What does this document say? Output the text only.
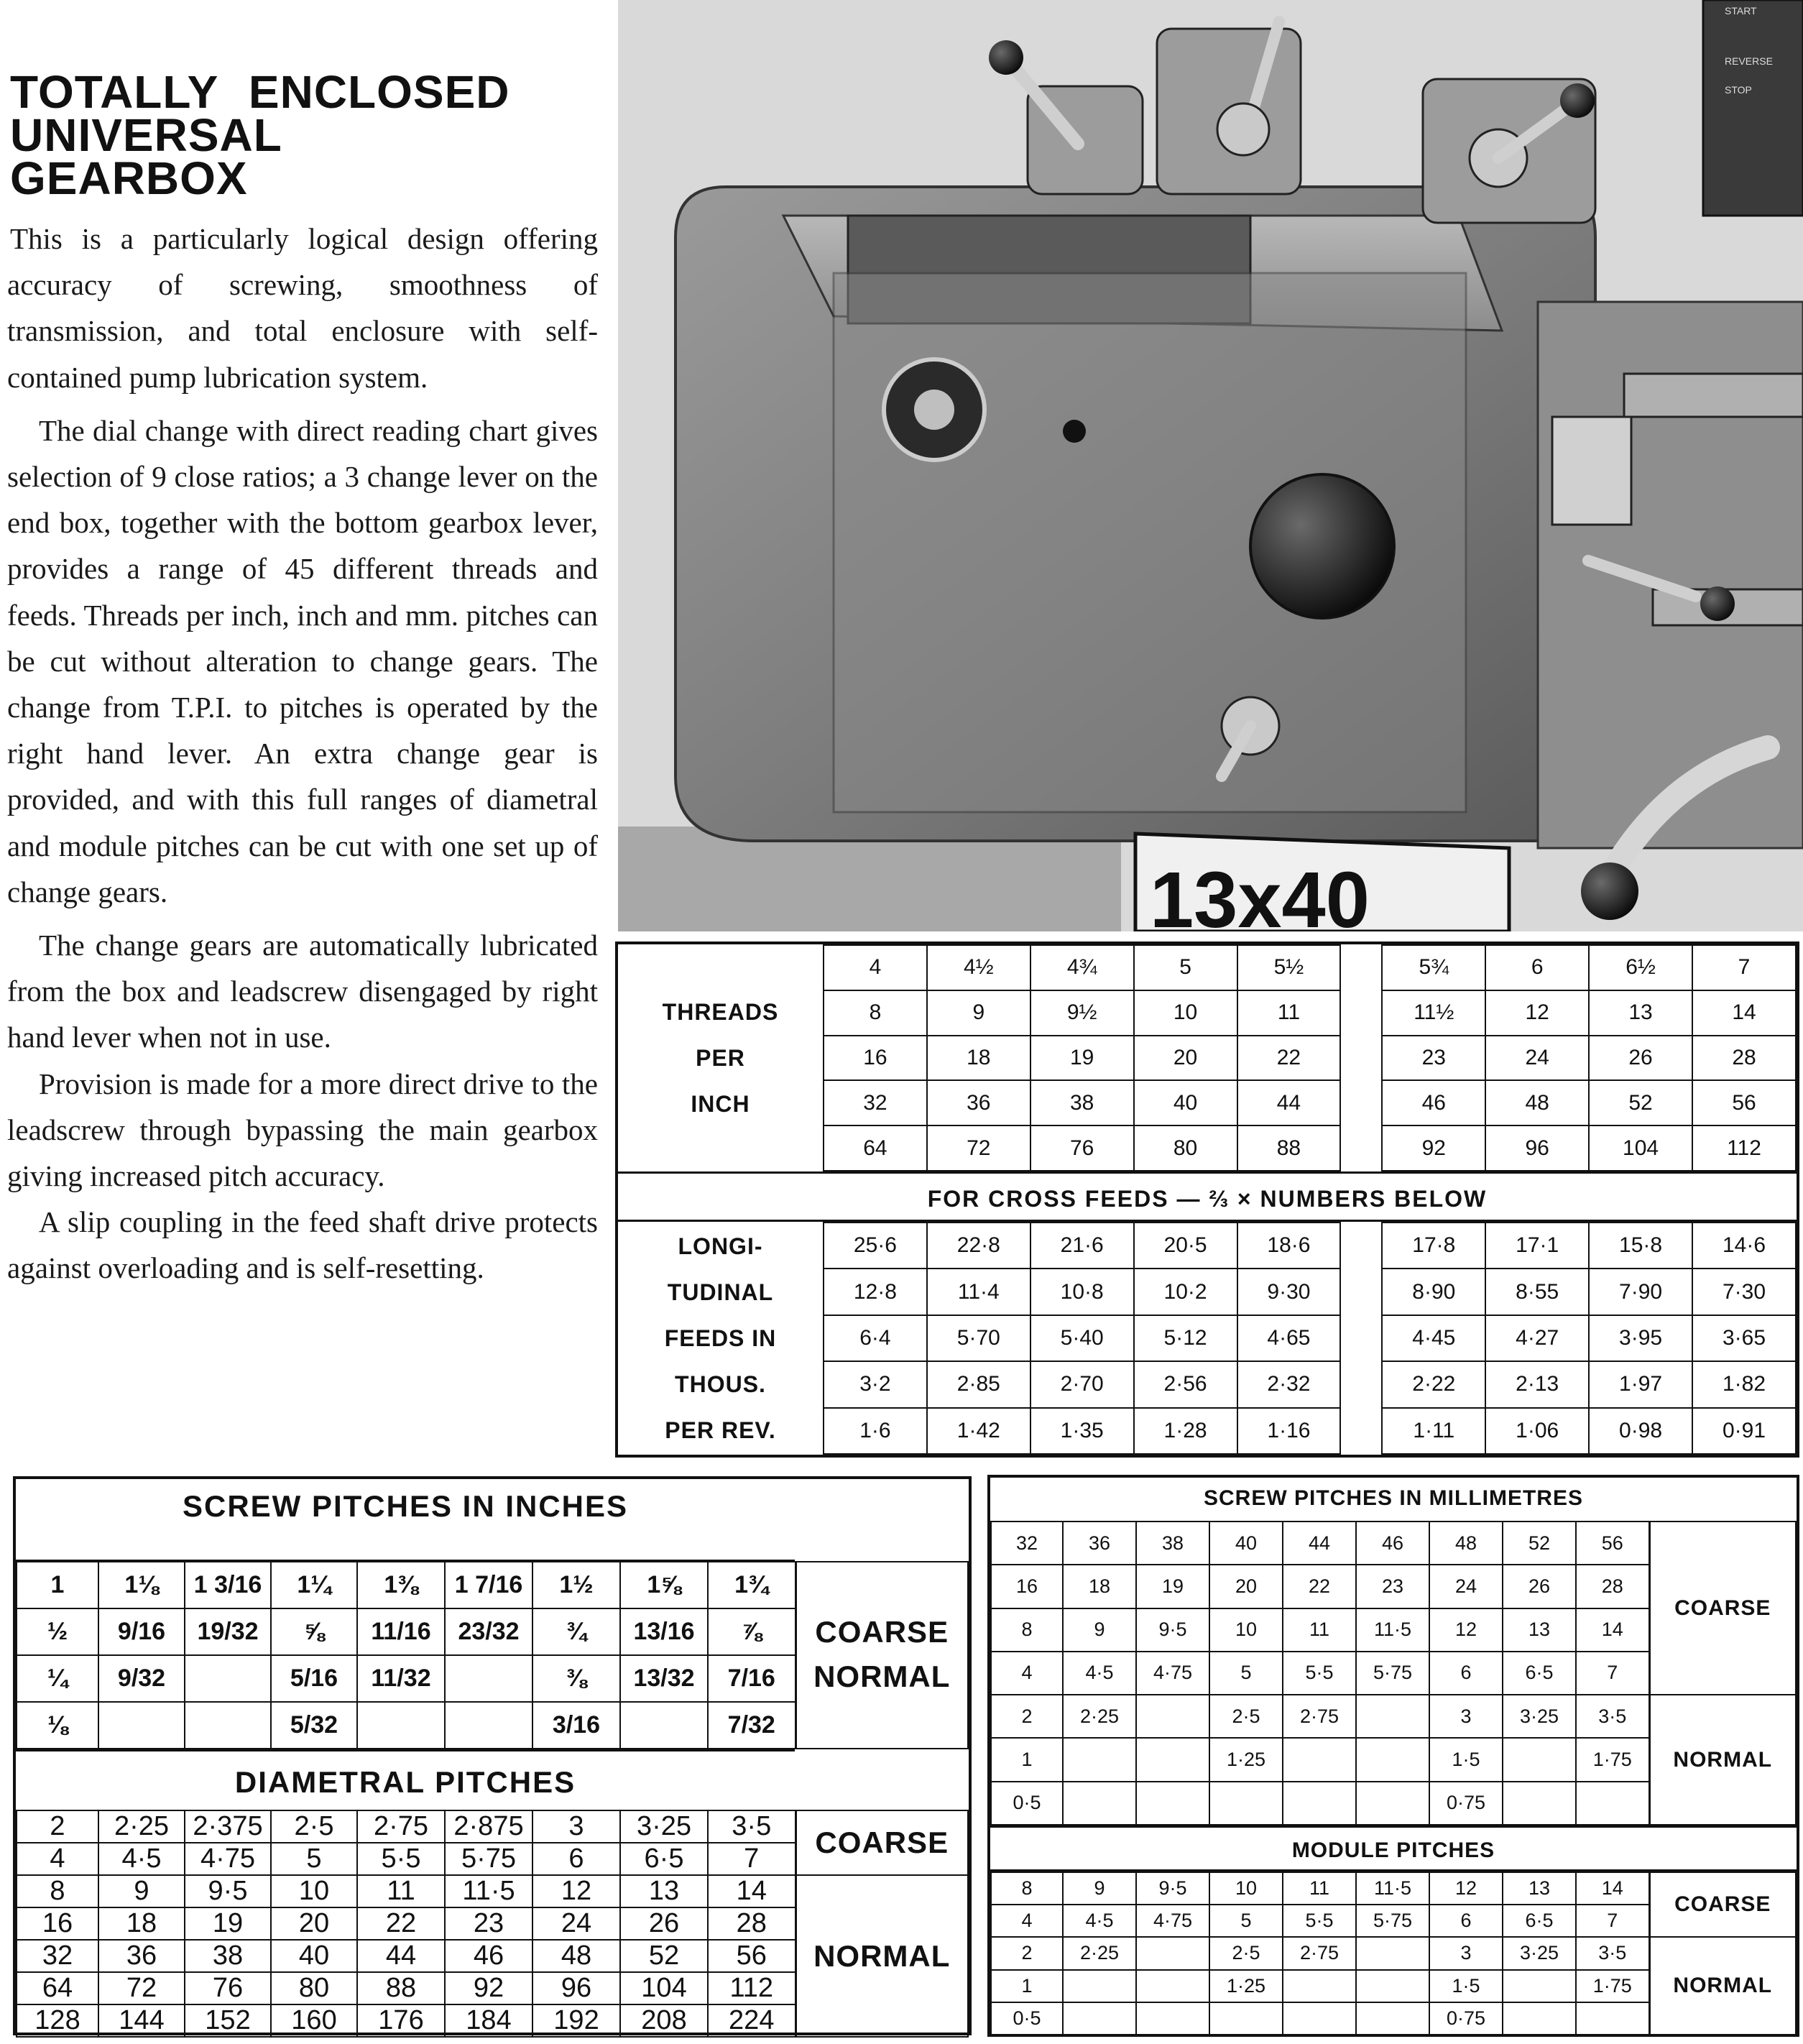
TOTALLY ENCLOSED
UNIVERSAL
GEARBOX

This is a particularly logical design offering accuracy of screwing, smoothness of transmission, and total enclosure with self-contained pump lubrication system.

The dial change with direct reading chart gives selection of 9 close ratios; a 3 change lever on the end box, together with the bottom gearbox lever, provides a range of 45 different threads and feeds. Threads per inch, inch and mm. pitches can be cut without alteration to change gears. The change from T.P.I. to pitches is operated by the right hand lever. An extra change gear is provided, and with this full ranges of diametral and module pitches can be cut with one set up of change gears.

The change gears are automatically lubricated from the box and leadscrew disengaged by right hand lever when not in use.

Provision is made for a more direct drive to the leadscrew through bypassing the main gearbox giving increased pitch accuracy.

A slip coupling in the feed shaft drive protects against overloading and is self-resetting.

START
REVERSE
STOP
13x40
THREADS
PER
INCH	4	4½	4¾	5	5½		5¾	6	6½	7
	8	9	9½	10	11		11½	12	13	14
	16	18	19	20	22		23	24	26	28
	32	36	38	40	44		46	48	52	56
	64	72	76	80	88		92	96	104	112
FOR CROSS FEEDS — ⅔ × NUMBERS BELOW
LONGI-
TUDINAL
FEEDS IN
THOUS.
PER REV.	25·6	22·8	21·6	20·5	18·6		17·8	17·1	15·8	14·6
	12·8	11·4	10·8	10·2	9·30		8·90	8·55	7·90	7·30
	6·4	5·70	5·40	5·12	4·65		4·45	4·27	3·95	3·65
	3·2	2·85	2·70	2·56	2·32		2·22	2·13	1·97	1·82
	1·6	1·42	1·35	1·28	1·16		1·11	1·06	0·98	0·91
SCREW PITCHES IN INCHES
1	1⅛	1 3/16	1¼	1⅜	1 7/16	1½	1⅝	1¾	COARSE
½	9/16	19/32	⅝	11/16	23/32	¾	13/16	⅞	
¼	9/32		5/16	11/32		⅜	13/32	7/16	NORMAL
⅛			5/32			3/16		7/32	
DIAMETRAL PITCHES
2	2·25	2·375	2·5	2·75	2·875	3	3·25	3·5	COARSE
4	4·5	4·75	5	5·5	5·75	6	6·5	7	
8	9	9·5	10	11	11·5	12	13	14	NORMAL
16	18	19	20	22	23	24	26	28	
32	36	38	40	44	46	48	52	56	
64	72	76	80	88	92	96	104	112	
128	144	152	160	176	184	192	208	224	
SCREW PITCHES IN MILLIMETRES
32	36	38	40	44	46	48	52	56	COARSE
16	18	19	20	22	23	24	26	28	
8	9	9·5	10	11	11·5	12	13	14	
4	4·5	4·75	5	5·5	5·75	6	6·5	7	
2	2·25		2·5	2·75		3	3·25	3·5	NORMAL
1			1·25			1·5		1·75	
0·5						0·75			
MODULE PITCHES
8	9	9·5	10	11	11·5	12	13	14	COARSE
4	4·5	4·75	5	5·5	5·75	6	6·5	7	
2	2·25		2·5	2·75		3	3·25	3·5	NORMAL
1			1·25			1·5		1·75	
0·5						0·75			
